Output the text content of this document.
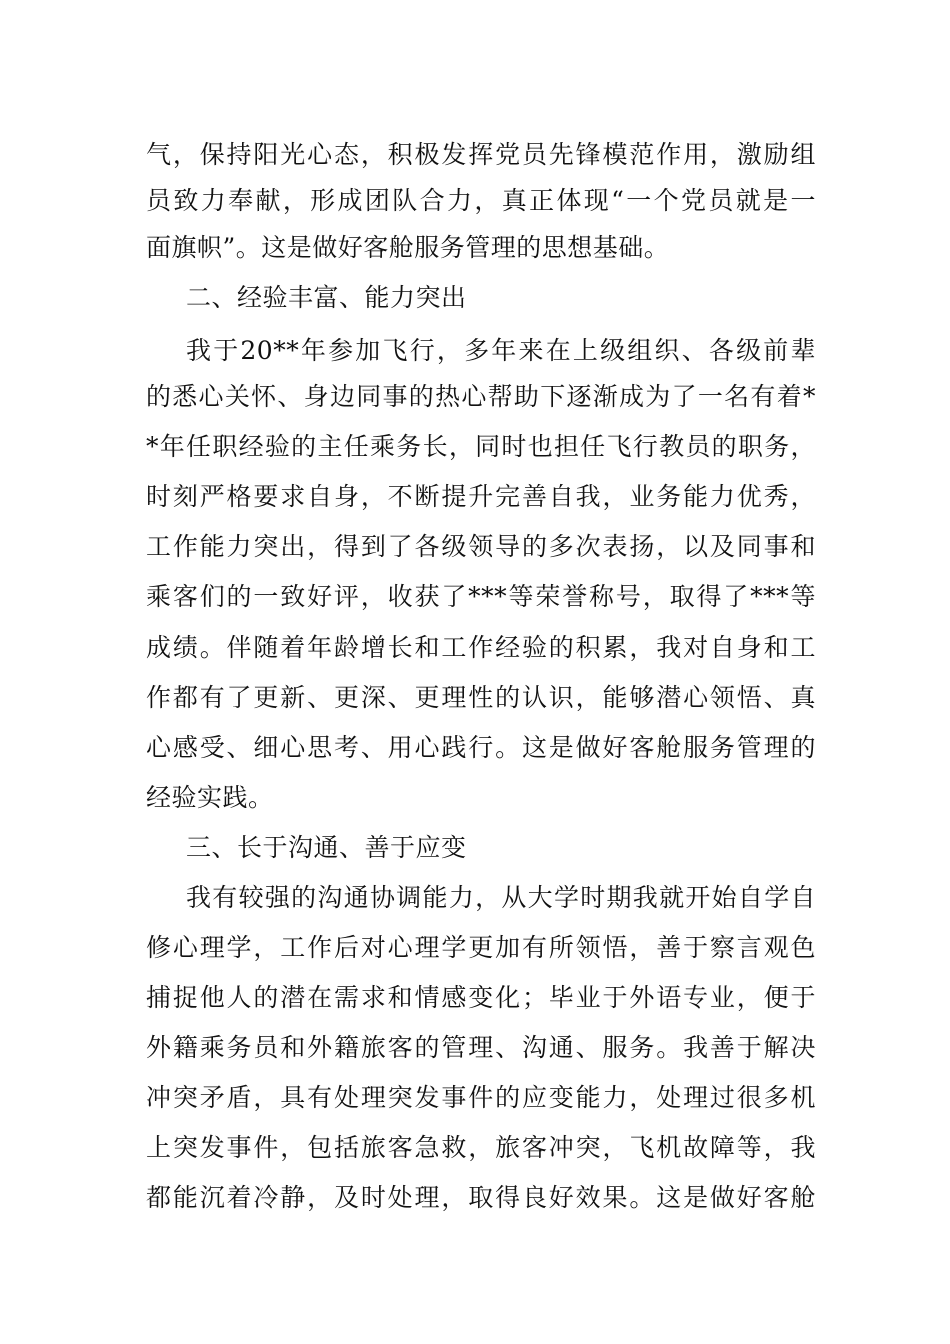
气，保持阳光心态，积极发挥党员先锋模范作用，激励组
员致力奉献，形成团队合力，真正体现“一个党员就是一
面旗帜”。这是做好客舱服务管理的思想基础。
二、经验丰富、能力突出
我于20**年参加飞行，多年来在上级组织、各级前辈
的悉心关怀、身边同事的热心帮助下逐渐成为了一名有着*
*年任职经验的主任乘务长，同时也担任飞行教员的职务，
时刻严格要求自身，不断提升完善自我，业务能力优秀，
工作能力突出，得到了各级领导的多次表扬，以及同事和
乘客们的一致好评，收获了***等荣誉称号，取得了***等
成绩。伴随着年龄增长和工作经验的积累，我对自身和工
作都有了更新、更深、更理性的认识，能够潜心领悟、真
心感受、细心思考、用心践行。这是做好客舱服务管理的
经验实践。
三、长于沟通、善于应变
我有较强的沟通协调能力，从大学时期我就开始自学自
修心理学，工作后对心理学更加有所领悟，善于察言观色
捕捉他人的潜在需求和情感变化；毕业于外语专业，便于
外籍乘务员和外籍旅客的管理、沟通、服务。我善于解决
冲突矛盾，具有处理突发事件的应变能力，处理过很多机
上突发事件，包括旅客急救，旅客冲突，飞机故障等，我
都能沉着冷静，及时处理，取得良好效果。这是做好客舱
